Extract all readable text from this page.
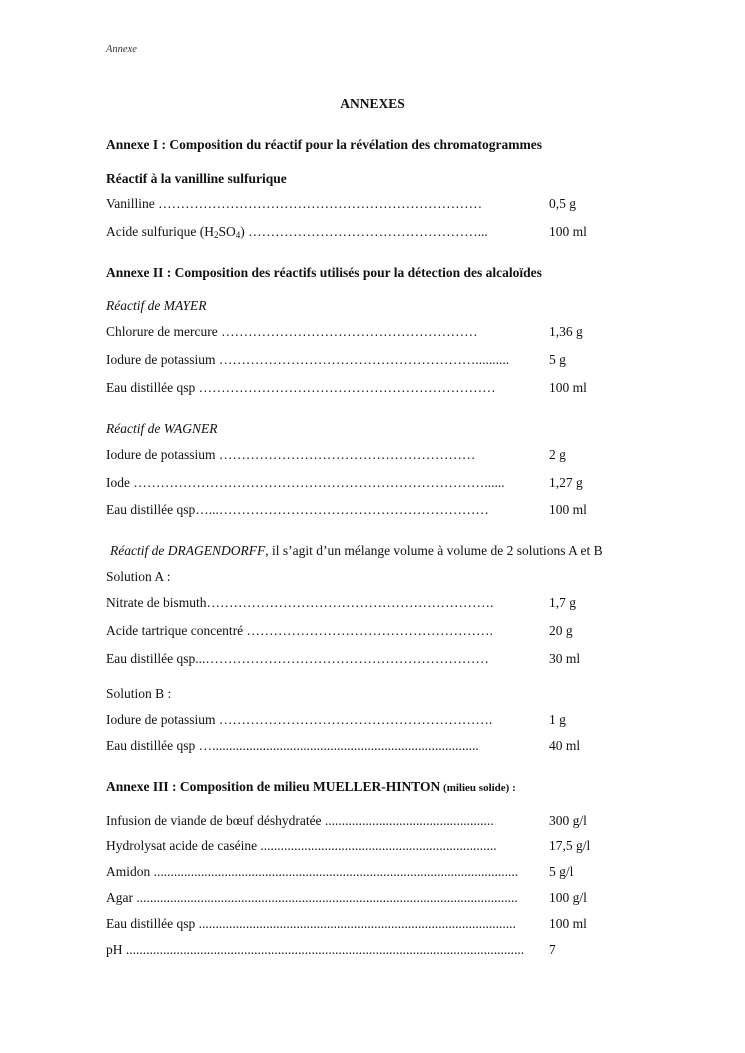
Annexe
ANNEXES
Annexe I : Composition du réactif pour la révélation des chromatogrammes
Réactif à la vanilline sulfurique
Vanilline ………………………………………………………………	0,5 g
Acide sulfurique $(H_2SO_4)$ ……………………………………………...	100 ml
Annexe II : Composition des réactifs utilisés pour la détection des alcaloïdes
Réactif de MAYER
Chlorure de mercure …………………………………………………	1,36 g
Iodure de potassium …………………………………………………..........	5 g
Eau distillée qsp …………………………………………………………	100 ml
Réactif de WAGNER
Iodure de potassium …………………………………………………	2 g
Iode ……………………………………………………………………......	1,27 g
Eau distillée qsp…...……………………………………………………	100 ml
Réactif de DRAGENDORFF, il s’agit d’un mélange volume à volume de 2 solutions A et B
Solution A :
Nitrate de bismuth……………………………………………………….	1,7 g
Acide tartrique concentré ……………………………………………….	20 g
Eau distillée qsp...………………………………………………………	30 ml
Solution B :
Iodure de potassium …………………………………………………….	1 g
Eau distillée qsp …...............................................................................	40 ml
Annexe III : Composition de milieu MUELLER-HINTON (milieu solide) :
Infusion de viande de bœuf déshydratée ..................................................	300 g/l
Hydrolysat acide de caséine ......................................................................	17,5 g/l
Amidon ............................................................................................................	5 g/l
Agar .................................................................................................................	100 g/l
Eau distillée qsp ..............................................................................................	100 ml
pH ......................................................................................................................	7
